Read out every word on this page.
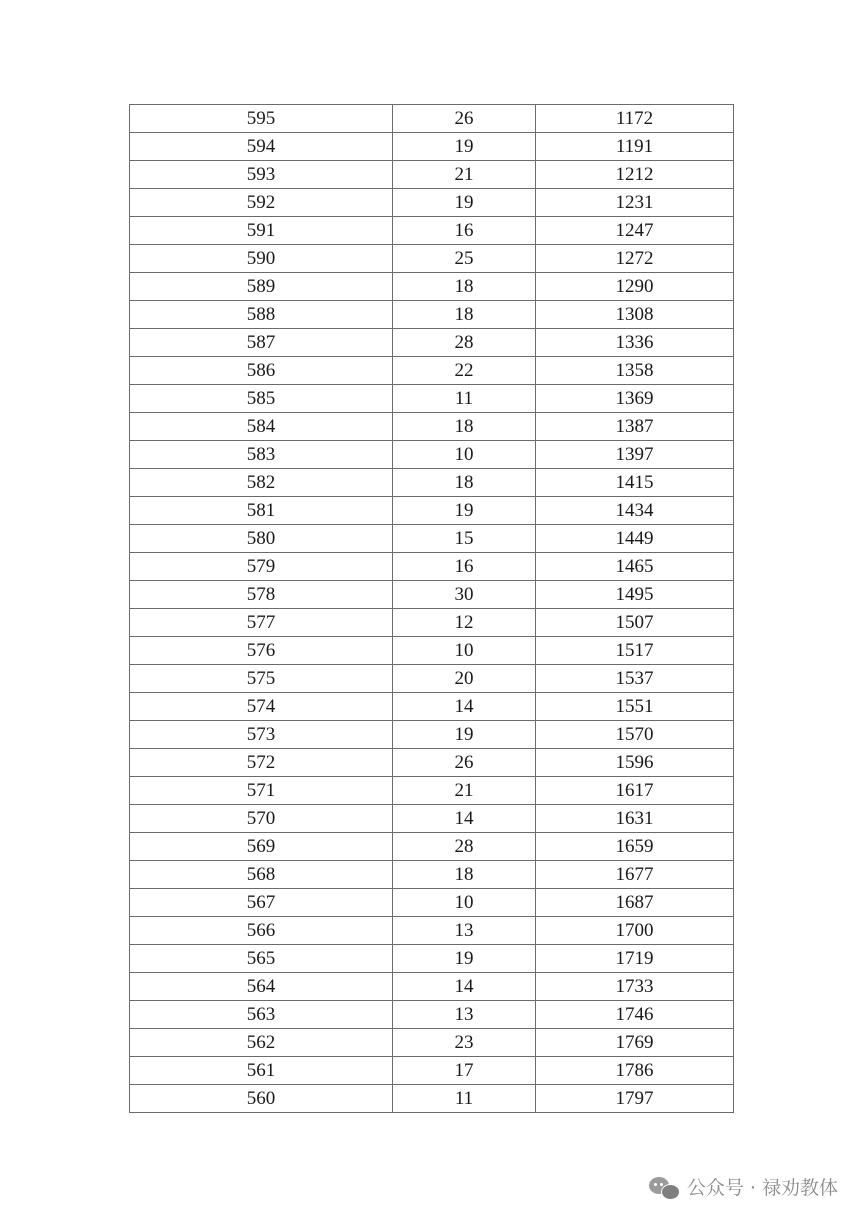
595	26	1172
594	19	1191
593	21	1212
592	19	1231
591	16	1247
590	25	1272
589	18	1290
588	18	1308
587	28	1336
586	22	1358
585	11	1369
584	18	1387
583	10	1397
582	18	1415
581	19	1434
580	15	1449
579	16	1465
578	30	1495
577	12	1507
576	10	1517
575	20	1537
574	14	1551
573	19	1570
572	26	1596
571	21	1617
570	14	1631
569	28	1659
568	18	1677
567	10	1687
566	13	1700
565	19	1719
564	14	1733
563	13	1746
562	23	1769
561	17	1786
560	11	1797
公众号 · 禄劝教体
